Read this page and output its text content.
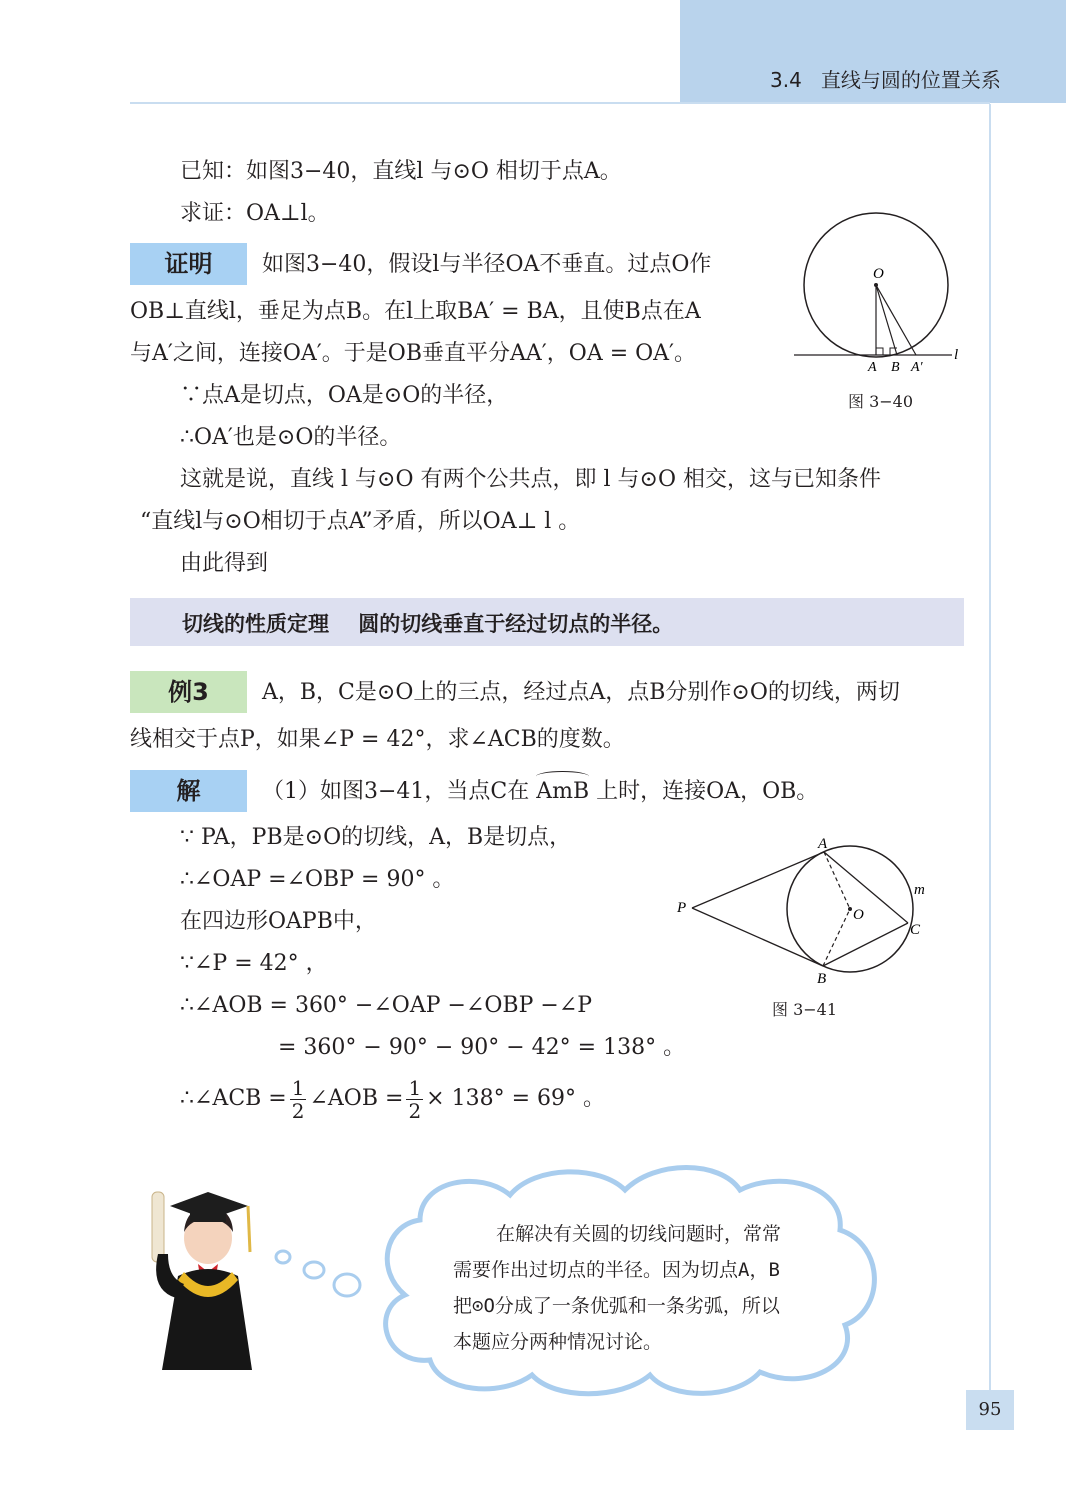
3.4   直线与圆的位置关系
已知：如图3−40，直线l 与⊙O 相切于点A。
求证：OA⊥l。
证明	如图3−40，假设l与半径OA不垂直。过点O作
OB⊥直线l，垂足为点B。在l上取BA′ = BA，且使B点在A
与A′之间，连接OA′。于是OB垂直平分AA′，OA = OA′。
∵点A是切点，OA是⊙O的半径，
∴OA′也是⊙O的半径。
这就是说，直线 l 与⊙O 有两个公共点，即 l 与⊙O 相交，这与已知条件
“直线l与⊙O相切于点A”矛盾，所以OA⊥ l 。
由此得到
O
A B A′
l
图 3−40
切线的性质定理    圆的切线垂直于经过切点的半径。
例3	A，B，C是⊙O上的三点，经过点A，点B分别作⊙O的切线，两切
线相交于点P，如果∠P = 42°，求∠ACB的度数。
解	（1）如图3−41，当点C在 AmB 上时，连接OA，OB。
∵ PA，PB是⊙O的切线，A，B是切点，
∴∠OAP =∠OBP = 90° 。
在四边形OAPB中，
∵∠P = 42° ，
∴∠AOB = 360° −∠OAP −∠OBP −∠P
= 360° − 90° − 90° − 42° = 138° 。
∴∠ACB = $\frac{1}{2}$ ∠AOB = $\frac{1}{2} \times 138^\circ = 69^\circ$ 。
A
B
C
O
P
m
图 3−41
在解决有关圆的切线问题时，常常
需要作出过切点的半径。因为切点A，B
把⊙O分成了一条优弧和一条劣弧，所以
本题应分两种情况讨论。
95
